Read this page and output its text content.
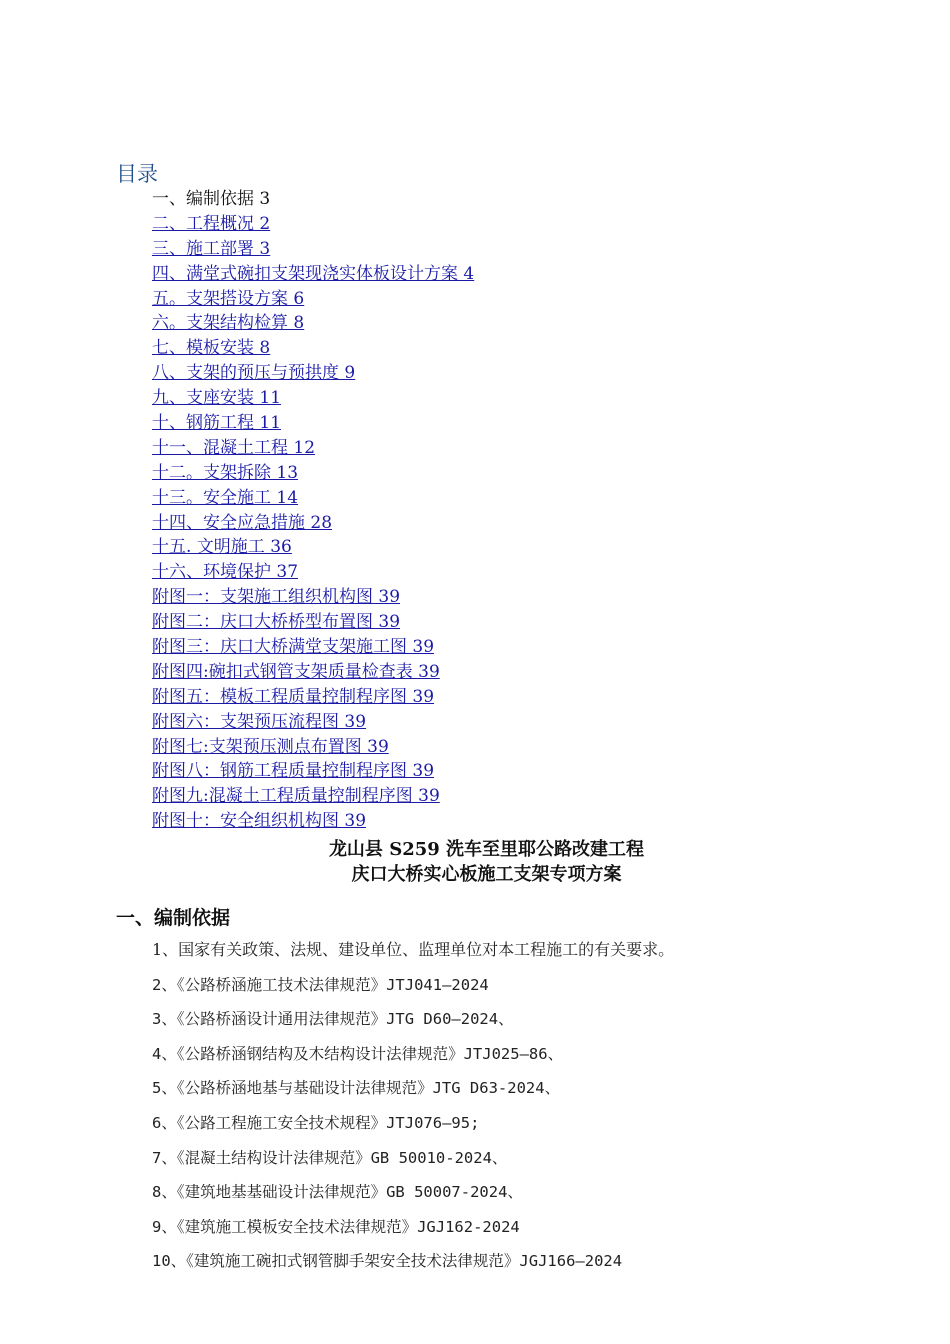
目录
一、编制依据 3
二、工程概况 2
三、施工部署 3
四、满堂式碗扣支架现浇实体板设计方案 4
五。支架搭设方案 6
六。支架结构检算 8
七、模板安装 8
八、支架的预压与预拱度 9
九、支座安装 11
十、钢筋工程 11
十一、混凝土工程 12
十二。支架拆除 13
十三。安全施工 14
十四、安全应急措施 28
十五. 文明施工 36
十六、环境保护 37
附图一：支架施工组织机构图 39
附图二：庆口大桥桥型布置图 39
附图三：庆口大桥满堂支架施工图 39
附图四:碗扣式钢管支架质量检查表 39
附图五：模板工程质量控制程序图 39
附图六：支架预压流程图 39
附图七:支架预压测点布置图 39
附图八：钢筋工程质量控制程序图 39
附图九:混凝土工程质量控制程序图 39
附图十：安全组织机构图 39
龙山县 S259 洗车至里耶公路改建工程
庆口大桥实心板施工支架专项方案
一、编制依据
1、国家有关政策、法规、建设单位、监理单位对本工程施工的有关要求。
2、《公路桥涵施工技术法律规范》JTJ041—2024
3、《公路桥涵设计通用法律规范》JTG D60—2024、
4、《公路桥涵钢结构及木结构设计法律规范》JTJ025—86、
5、《公路桥涵地基与基础设计法律规范》JTG D63-2024、
6、《公路工程施工安全技术规程》JTJ076—95;
7、《混凝土结构设计法律规范》GB 50010-2024、
8、《建筑地基基础设计法律规范》GB 50007-2024、
9、《建筑施工模板安全技术法律规范》JGJ162-2024
10、《建筑施工碗扣式钢管脚手架安全技术法律规范》JGJ166—2024
